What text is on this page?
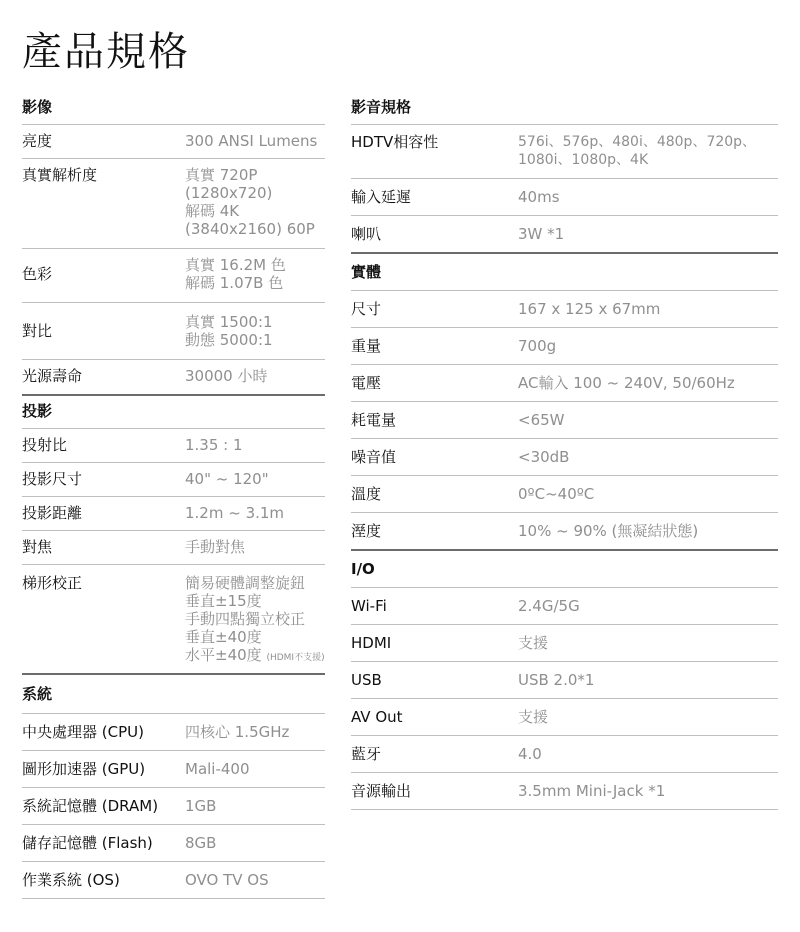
產品規格
影像
亮度	300 ANSI Lumens
真實解析度	真實 720P
(1280x720)
解碼 4K
(3840x2160) 60P
色彩	真實 16.2M 色
解碼 1.07B 色
對比	真實 1500:1
動態 5000:1
光源壽命	30000 小時
投影
投射比	1.35 : 1
投影尺寸	40" ~ 120"
投影距離	1.2m ~ 3.1m
對焦	手動對焦
梯形校正	簡易硬體調整旋鈕
垂直±15度
手動四點獨立校正
垂直±40度
水平±40度 (HDMI不支援)
系統
中央處理器 (CPU)	四核心 1.5GHz
圖形加速器 (GPU)	Mali-400
系統記憶體 (DRAM)	1GB
儲存記憶體 (Flash)	8GB
作業系統 (OS)	OVO TV OS
影音規格
HDTV相容性	576i、576p、480i、480p、720p、
1080i、1080p、4K
輸入延遲	40ms
喇叭	3W *1
實體
尺寸	167 x 125 x 67mm
重量	700g
電壓	AC輸入 100 ~ 240V, 50/60Hz
耗電量	<65W
噪音值	<30dB
溫度	0ºC~40ºC
溼度	10% ~ 90% (無凝結狀態)
I/O
Wi-Fi	2.4G/5G
HDMI	支援
USB	USB 2.0*1
AV Out	支援
藍牙	4.0
音源輸出	3.5mm Mini-Jack *1
